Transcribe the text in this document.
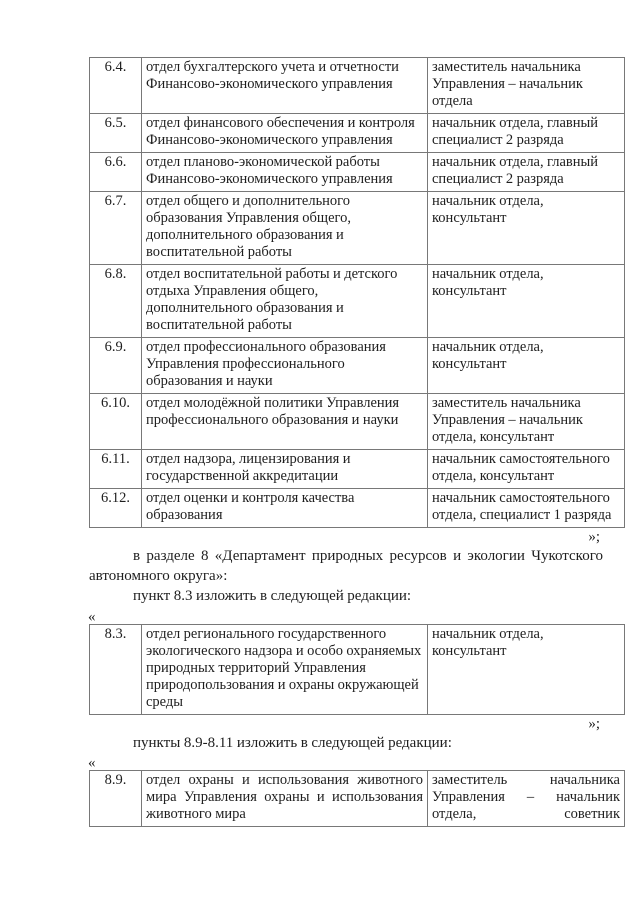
6.4.	отдел бухгалтерского учета и отчетности Финансово-экономического управления	заместитель начальника Управления – начальник отдела
6.5.	отдел финансового обеспечения и контроля Финансово-экономического управления	начальник отдела, главный специалист 2 разряда
6.6.	отдел планово-экономической работы Финансово-экономического управления	начальник отдела, главный специалист 2 разряда
6.7.	отдел общего и дополнительного образования Управления общего, дополнительного образования и воспитательной работы	начальник отдела, консультант
6.8.	отдел воспитательной работы и детского отдыха Управления общего, дополнительного образования и воспитательной работы	начальник отдела, консультант
6.9.	отдел профессионального образования Управления профессионального образования и науки	начальник отдела, консультант
6.10.	отдел молодёжной политики Управления профессионального образования и науки	заместитель начальника Управления – начальник отдела, консультант
6.11.	отдел надзора, лицензирования и государственной аккредитации	начальник самостоятельного отдела, консультант
6.12.	отдел оценки и контроля качества образования	начальник самостоятельного отдела, специалист 1 разряда
»;

в разделе 8 «Департамент природных ресурсов и экологии Чукотского автономного округа»:

пункт 8.3 изложить в следующей редакции:

«
8.3.	отдел регионального государственного экологического надзора и особо охраняемых природных территорий Управления природопользования и охраны окружающей среды	начальник отдела, консультант
»;

пункты 8.9-8.11 изложить в следующей редакции:

«
8.9.	отдел охраны и использования животного мира Управления охраны и использования животного мира	заместитель начальника Управления – начальник отдела, советник
